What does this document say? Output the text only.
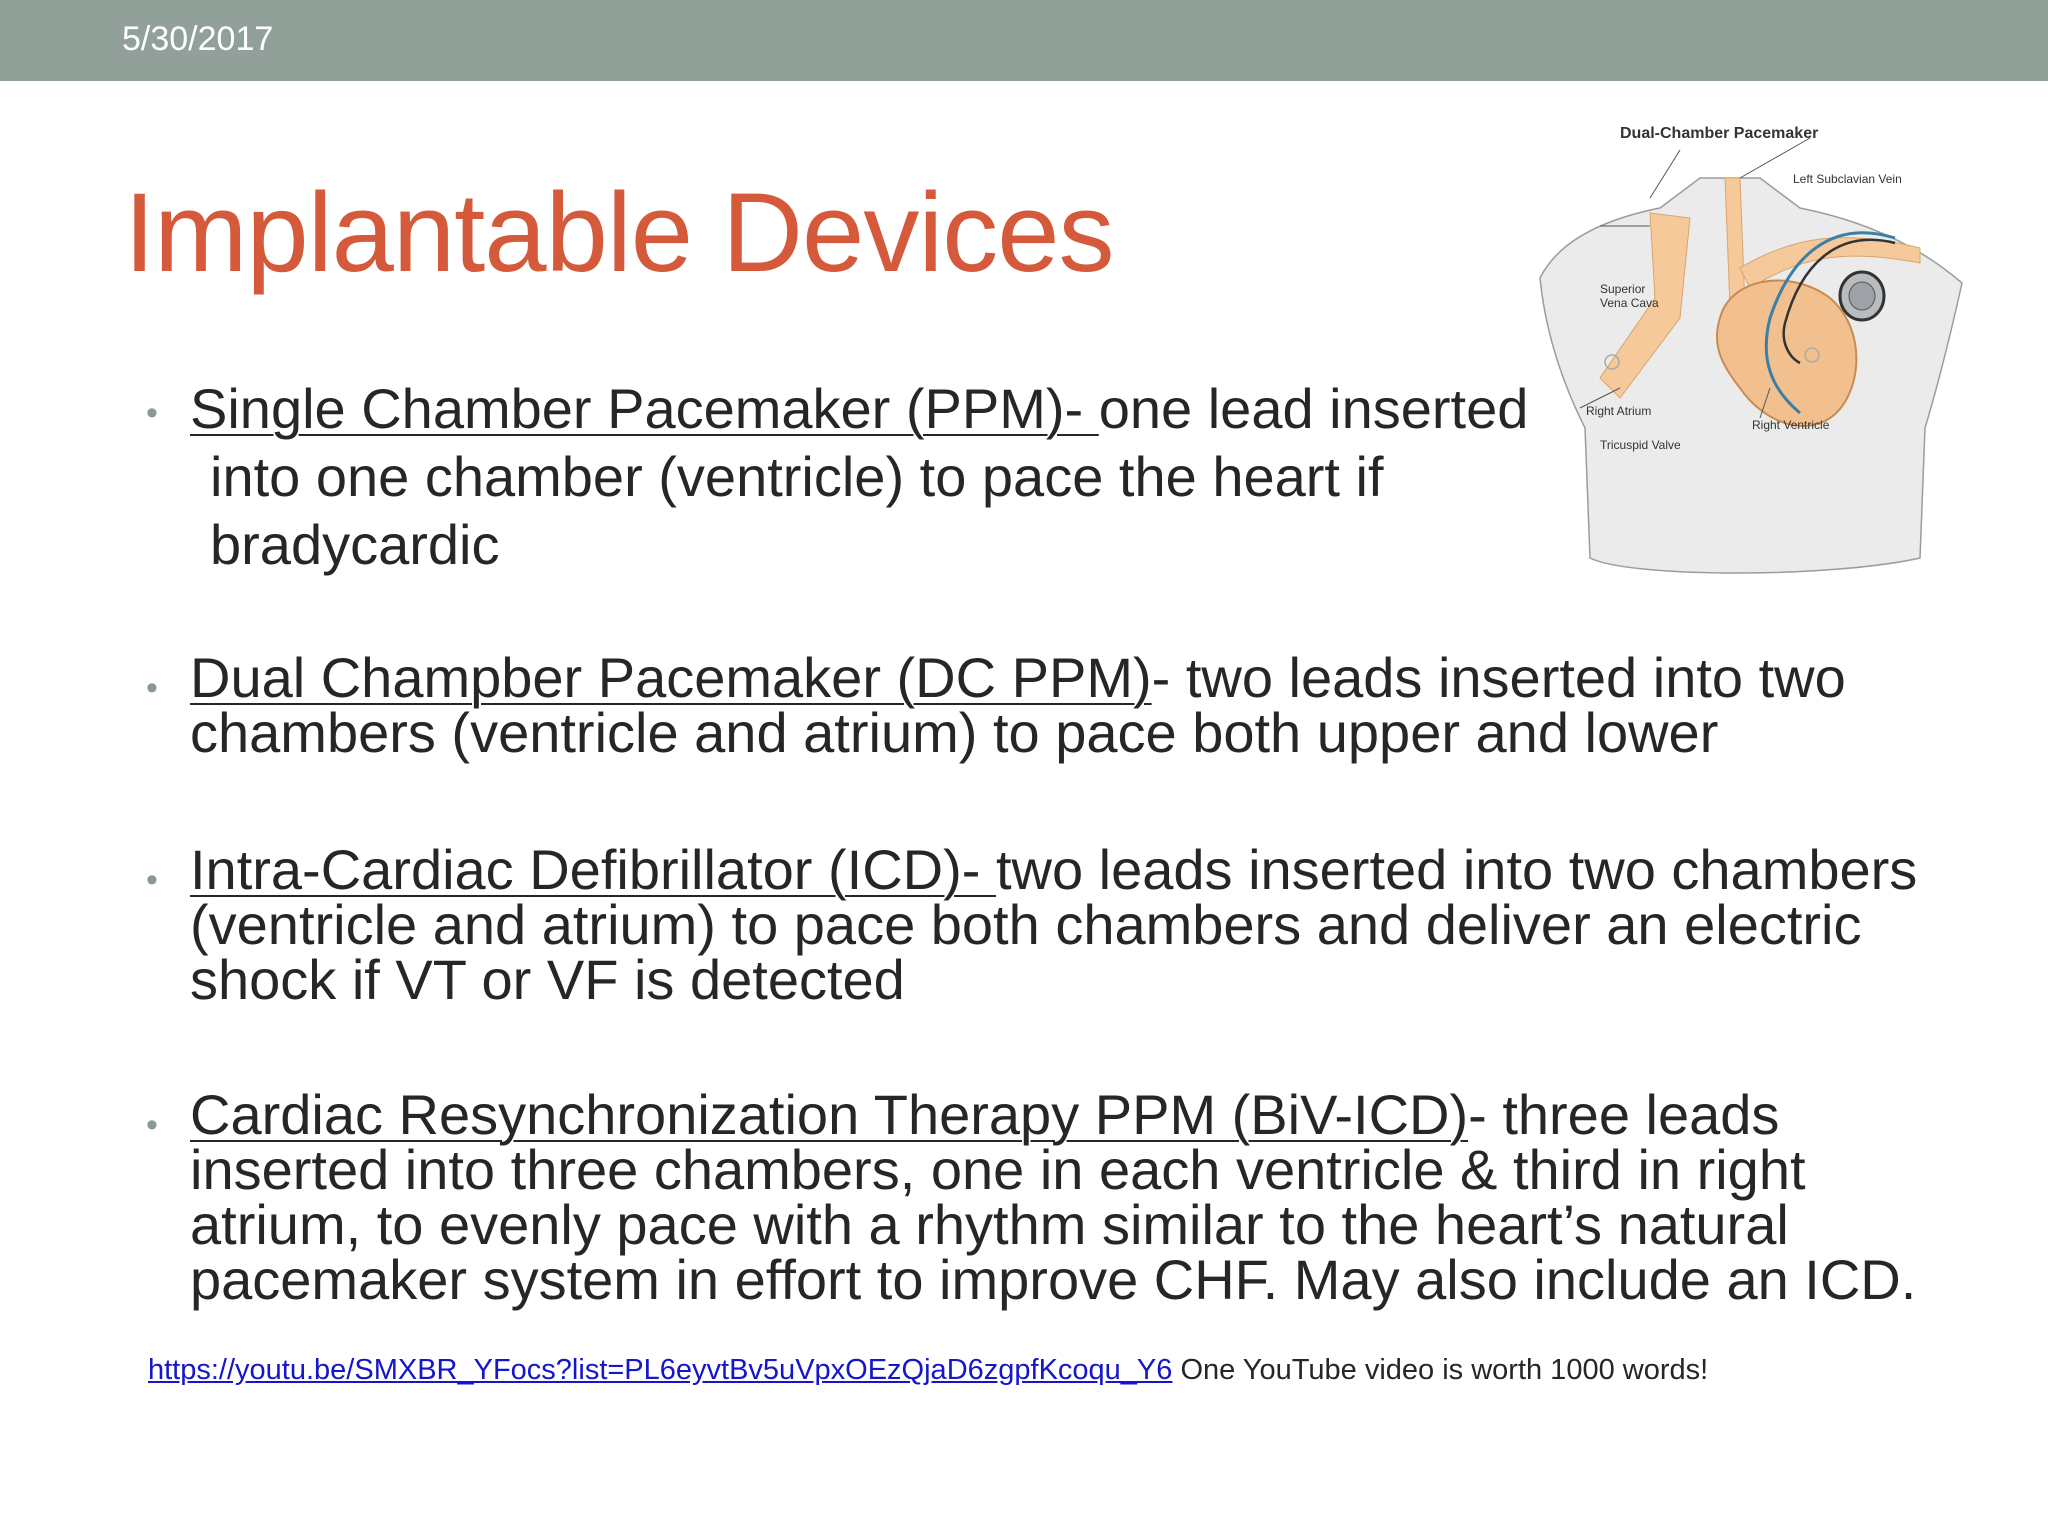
5/30/2017
Implantable Devices
• Single Chamber Pacemaker (PPM)- one lead inserted
into one chamber (ventricle) to pace the heart if bradycardic
• Dual Champber Pacemaker (DC PPM)- two leads inserted into two chambers (ventricle and atrium) to pace both upper and lower
• Intra-Cardiac Defibrillator (ICD)- two leads inserted into two chambers (ventricle and atrium) to pace both chambers and deliver an electric shock if VT or VF is detected
• Cardiac Resynchronization Therapy PPM (BiV-ICD)- three leads inserted into three chambers, one in each ventricle & third in right atrium, to evenly pace with a rhythm similar to the heart’s natural pacemaker system in effort to improve CHF. May also include an ICD.
https://youtu.be/SMXBR_YFocs?list=PL6eyvtBv5uVpxOEzQjaD6zgpfKcoqu_Y6 One YouTube video is worth 1000 words!
Dual-Chamber Pacemaker
Left Subclavian Vein
Superior
Vena Cava
Right Atrium
Tricuspid Valve
Right Ventricle
